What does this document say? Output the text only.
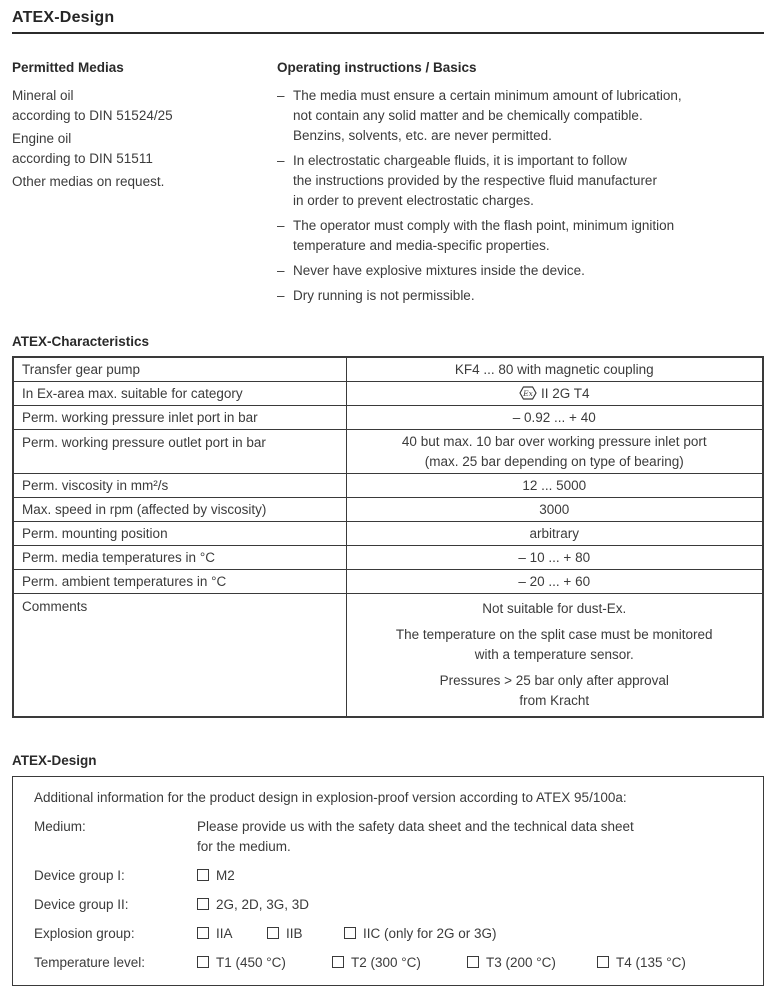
ATEX-Design
Permitted Medias

Mineral oil
according to DIN 51524/25

Engine oil
according to DIN 51511

Other medias on request.

Operating instructions / Basics
– The media must ensure a certain minimum amount of lubrication,
not contain any solid matter and be chemically compatible.
Benzins, solvents, etc. are never permitted.
– In electrostatic chargeable fluids, it is important to follow
the instructions provided by the respective fluid manufacturer
in order to prevent electrostatic charges.
– The operator must comply with the flash point, minimum ignition
temperature and media-specific properties.
– Never have explosive mixtures inside the device.
– Dry running is not permissible.
ATEX-Characteristics
Transfer gear pump	KF4 ... 80 with magnetic coupling
In Ex-area max. suitable for category	Ex II 2G T4
Perm. working pressure inlet port in bar	– 0.92 ... + 40
Perm. working pressure outlet port in bar	40 but max. 10 bar over working pressure inlet port
(max. 25 bar depending on type of bearing)
Perm. viscosity in mm²/s	12 ... 5000
Max. speed in rpm (affected by viscosity)	3000
Perm. mounting position	arbitrary
Perm. media temperatures in °C	– 10 ... + 80
Perm. ambient temperatures in °C	– 20 ... + 60
Comments	Not suitable for dust-Ex.

The temperature on the split case must be monitored
with a temperature sensor.

Pressures > 25 bar only after approval
from Kracht

ATEX-Design

Additional information for the product design in explosion-proof version according to ATEX 95/100a:

Medium:	Please provide us with the safety data sheet and the technical data sheet
for the medium.
Device group I:	M2
Device group II:	2G, 2D, 3G, 3D
Explosion group:	IIA	IIB	IIC (only for 2G or 3G)
Temperature level:	T1 (450 °C)	T2 (300 °C)	T3 (200 °C)	T4 (135 °C)
